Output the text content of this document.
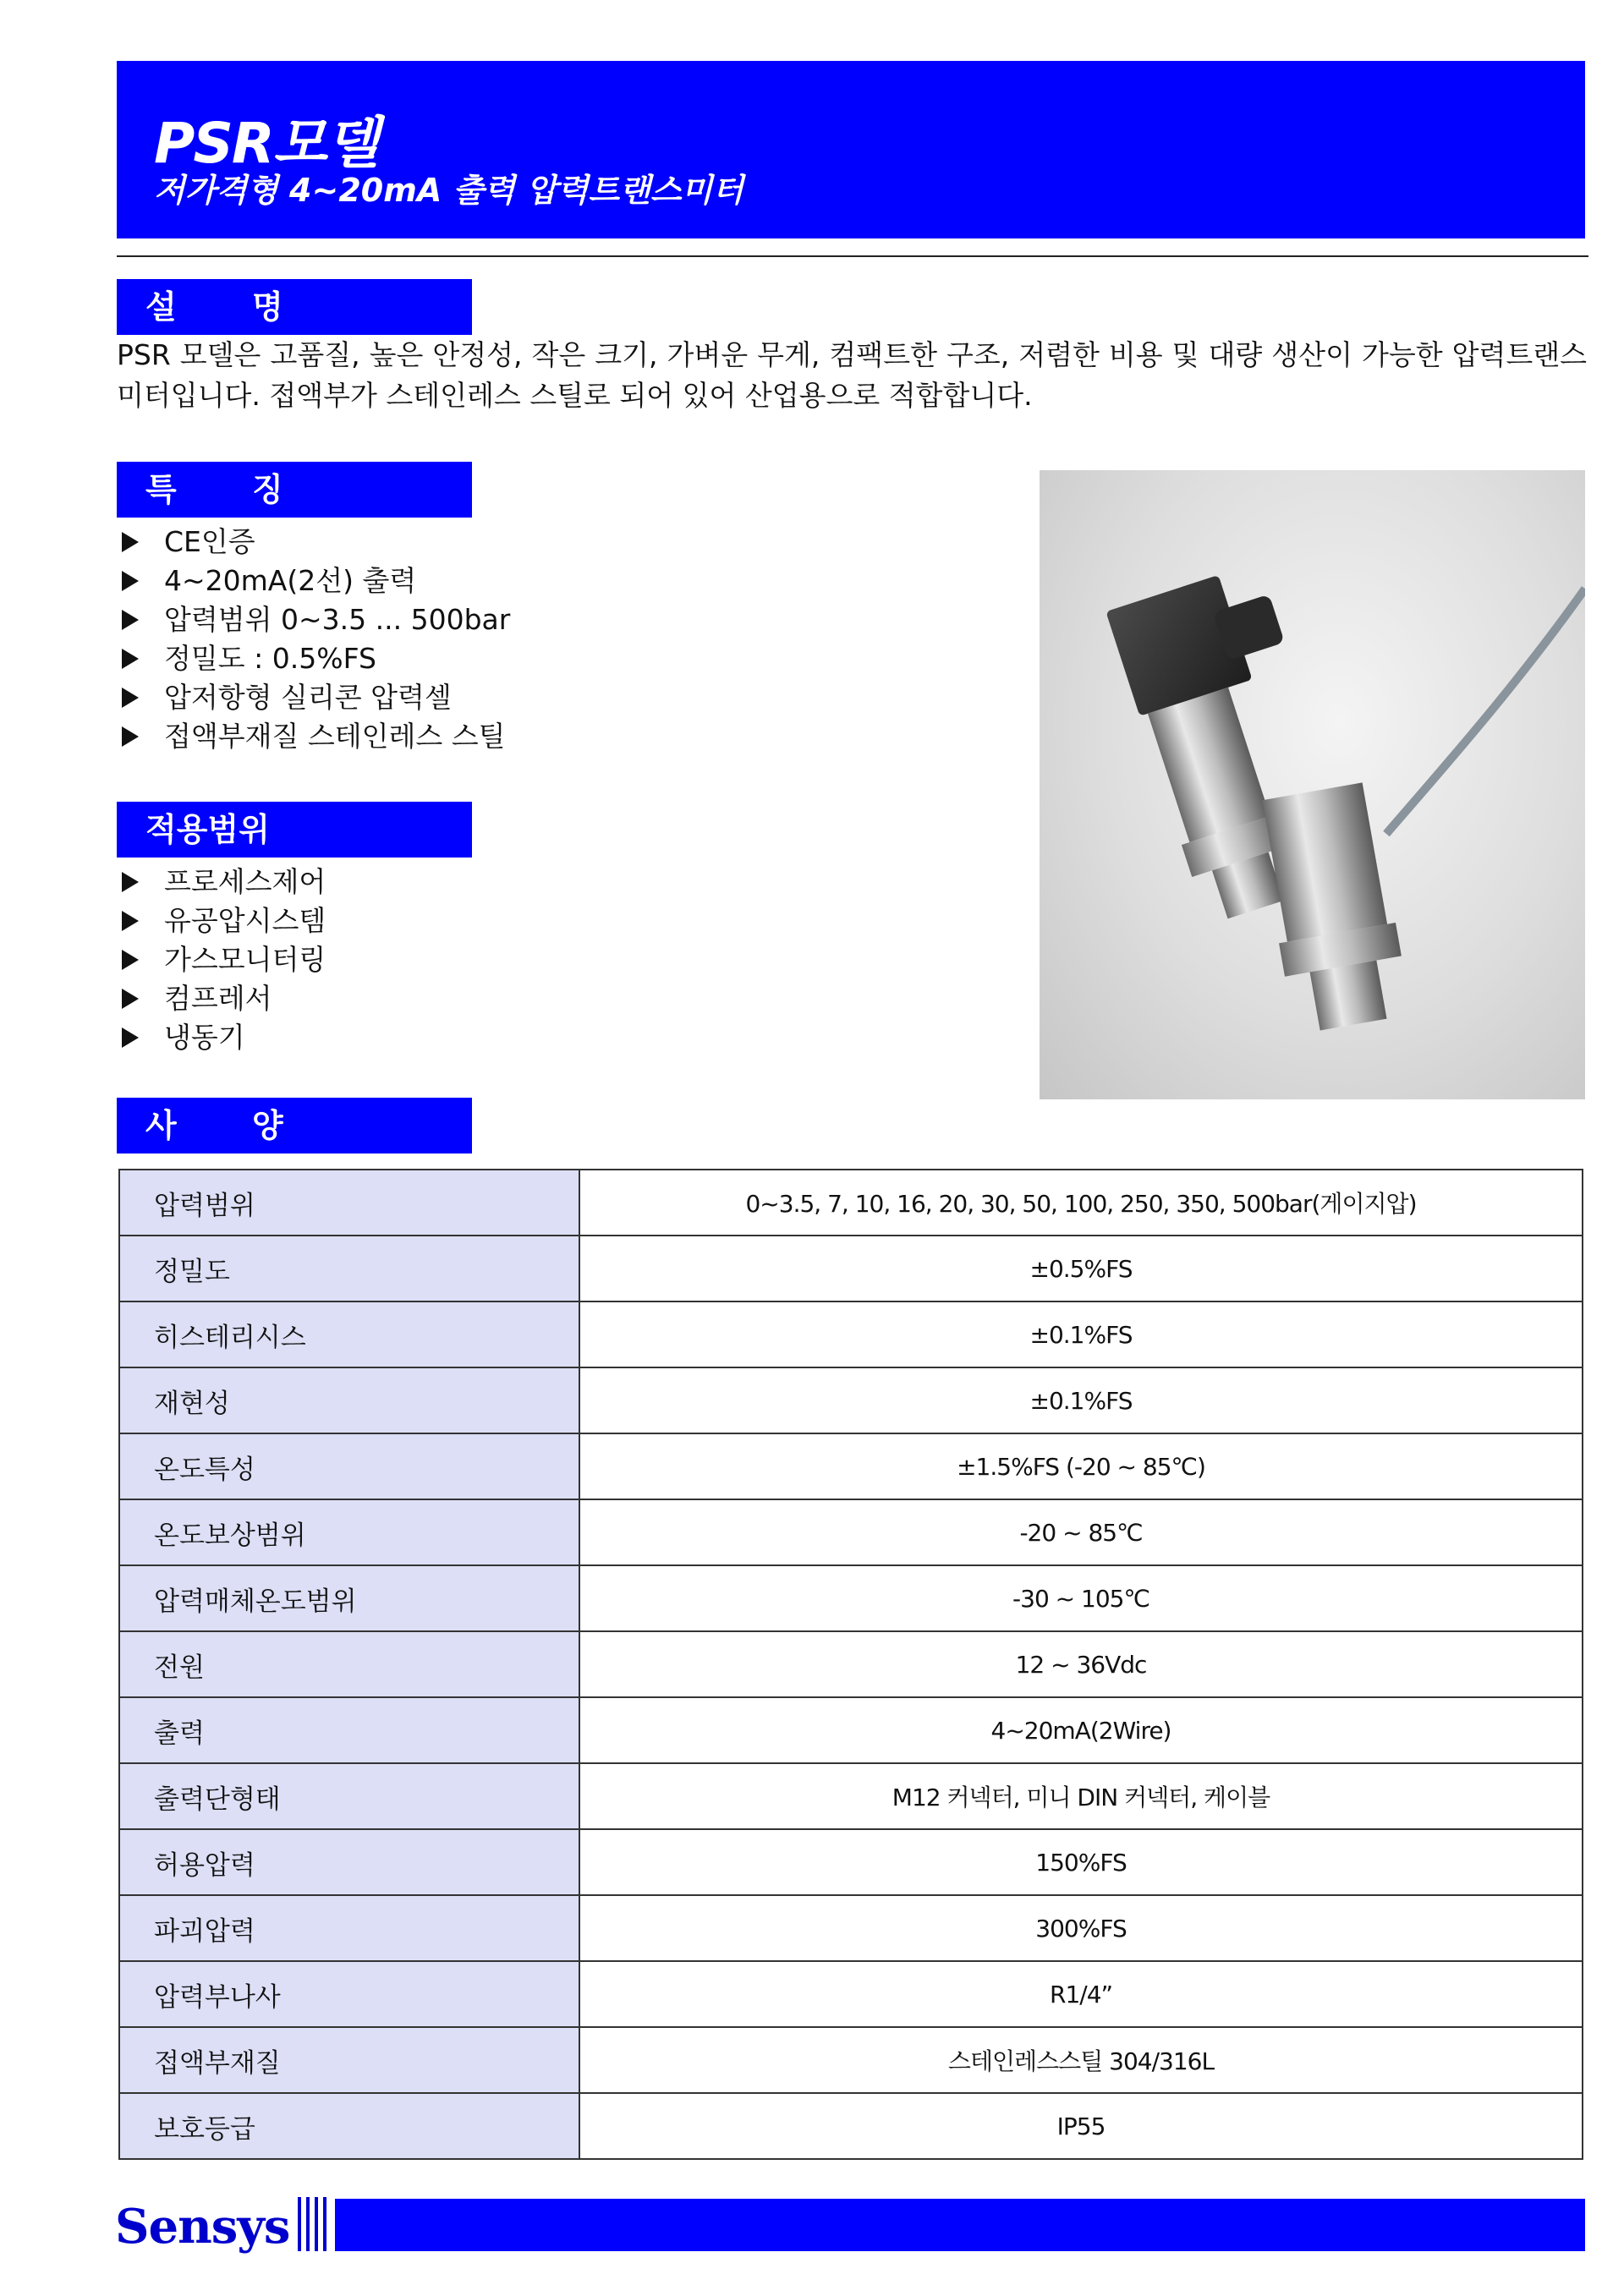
PSR모델
저가격형 4~20mA 출력 압력트랜스미터
설 명
PSR 모델은 고품질, 높은 안정성, 작은 크기, 가벼운 무게, 컴팩트한 구조, 저렴한 비용 및 대량 생산이 가능한 압력트랜스미터입니다. 접액부가 스테인레스 스틸로 되어 있어 산업용으로 적합합니다.
특 징
CE인증
4~20mA(2선) 출력
압력범위 0~3.5 ... 500bar
정밀도 : 0.5%FS
압저항형 실리콘 압력셀
접액부재질 스테인레스 스틸
적용범위
프로세스제어
유공압시스템
가스모니터링
컴프레서
냉동기
사 양
압력범위	0~3.5, 7, 10, 16, 20, 30, 50, 100, 250, 350, 500bar(게이지압)
정밀도	±0.5%FS
히스테리시스	±0.1%FS
재현성	±0.1%FS
온도특성	±1.5%FS (-20 ~ 85℃)
온도보상범위	-20 ~ 85℃
압력매체온도범위	-30 ~ 105℃
전원	12 ~ 36Vdc
출력	4~20mA(2Wire)
출력단형태	M12 커넥터, 미니 DIN 커넥터, 케이블
허용압력	150%FS
파괴압력	300%FS
압력부나사	R1/4”
접액부재질	스테인레스스틸 304/316L
보호등급	IP55
Sensys
